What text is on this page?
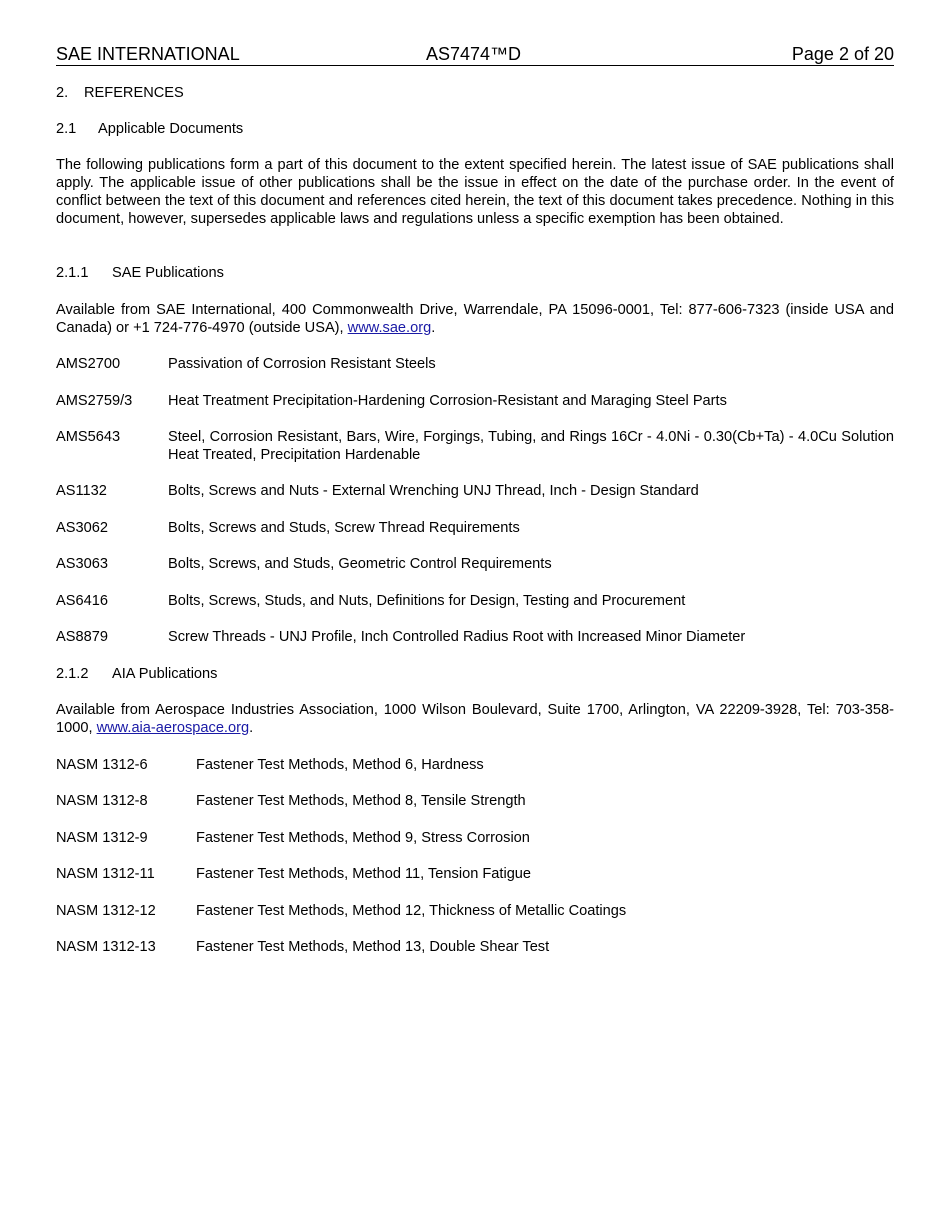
SAE INTERNATIONAL	AS7474™D	Page 2 of 20
2. REFERENCES
2.1 Applicable Documents
The following publications form a part of this document to the extent specified herein. The latest issue of SAE publications shall apply. The applicable issue of other publications shall be the issue in effect on the date of the purchase order. In the event of conflict between the text of this document and references cited herein, the text of this document takes precedence. Nothing in this document, however, supersedes applicable laws and regulations unless a specific exemption has been obtained.
2.1.1 SAE Publications
Available from SAE International, 400 Commonwealth Drive, Warrendale, PA 15096-0001, Tel: 877-606-7323 (inside USA and Canada) or +1 724-776-4970 (outside USA), www.sae.org.
AMS2700	Passivation of Corrosion Resistant Steels
AMS2759/3 Heat Treatment Precipitation-Hardening Corrosion-Resistant and Maraging Steel Parts
AMS5643	Steel, Corrosion Resistant, Bars, Wire, Forgings, Tubing, and Rings 16Cr - 4.0Ni - 0.30(Cb+Ta) - 4.0Cu Solution Heat Treated, Precipitation Hardenable
AS1132	Bolts, Screws and Nuts - External Wrenching UNJ Thread, Inch - Design Standard
AS3062	Bolts, Screws and Studs, Screw Thread Requirements
AS3063	Bolts, Screws, and Studs, Geometric Control Requirements
AS6416	Bolts, Screws, Studs, and Nuts, Definitions for Design, Testing and Procurement
AS8879	Screw Threads - UNJ Profile, Inch Controlled Radius Root with Increased Minor Diameter
2.1.2 AIA Publications
Available from Aerospace Industries Association, 1000 Wilson Boulevard, Suite 1700, Arlington, VA 22209-3928, Tel: 703-358-1000, www.aia-aerospace.org.
NASM 1312-6	Fastener Test Methods, Method 6, Hardness
NASM 1312-8	Fastener Test Methods, Method 8, Tensile Strength
NASM 1312-9	Fastener Test Methods, Method 9, Stress Corrosion
NASM 1312-11	Fastener Test Methods, Method 11, Tension Fatigue
NASM 1312-12	Fastener Test Methods, Method 12, Thickness of Metallic Coatings
NASM 1312-13	Fastener Test Methods, Method 13, Double Shear Test
